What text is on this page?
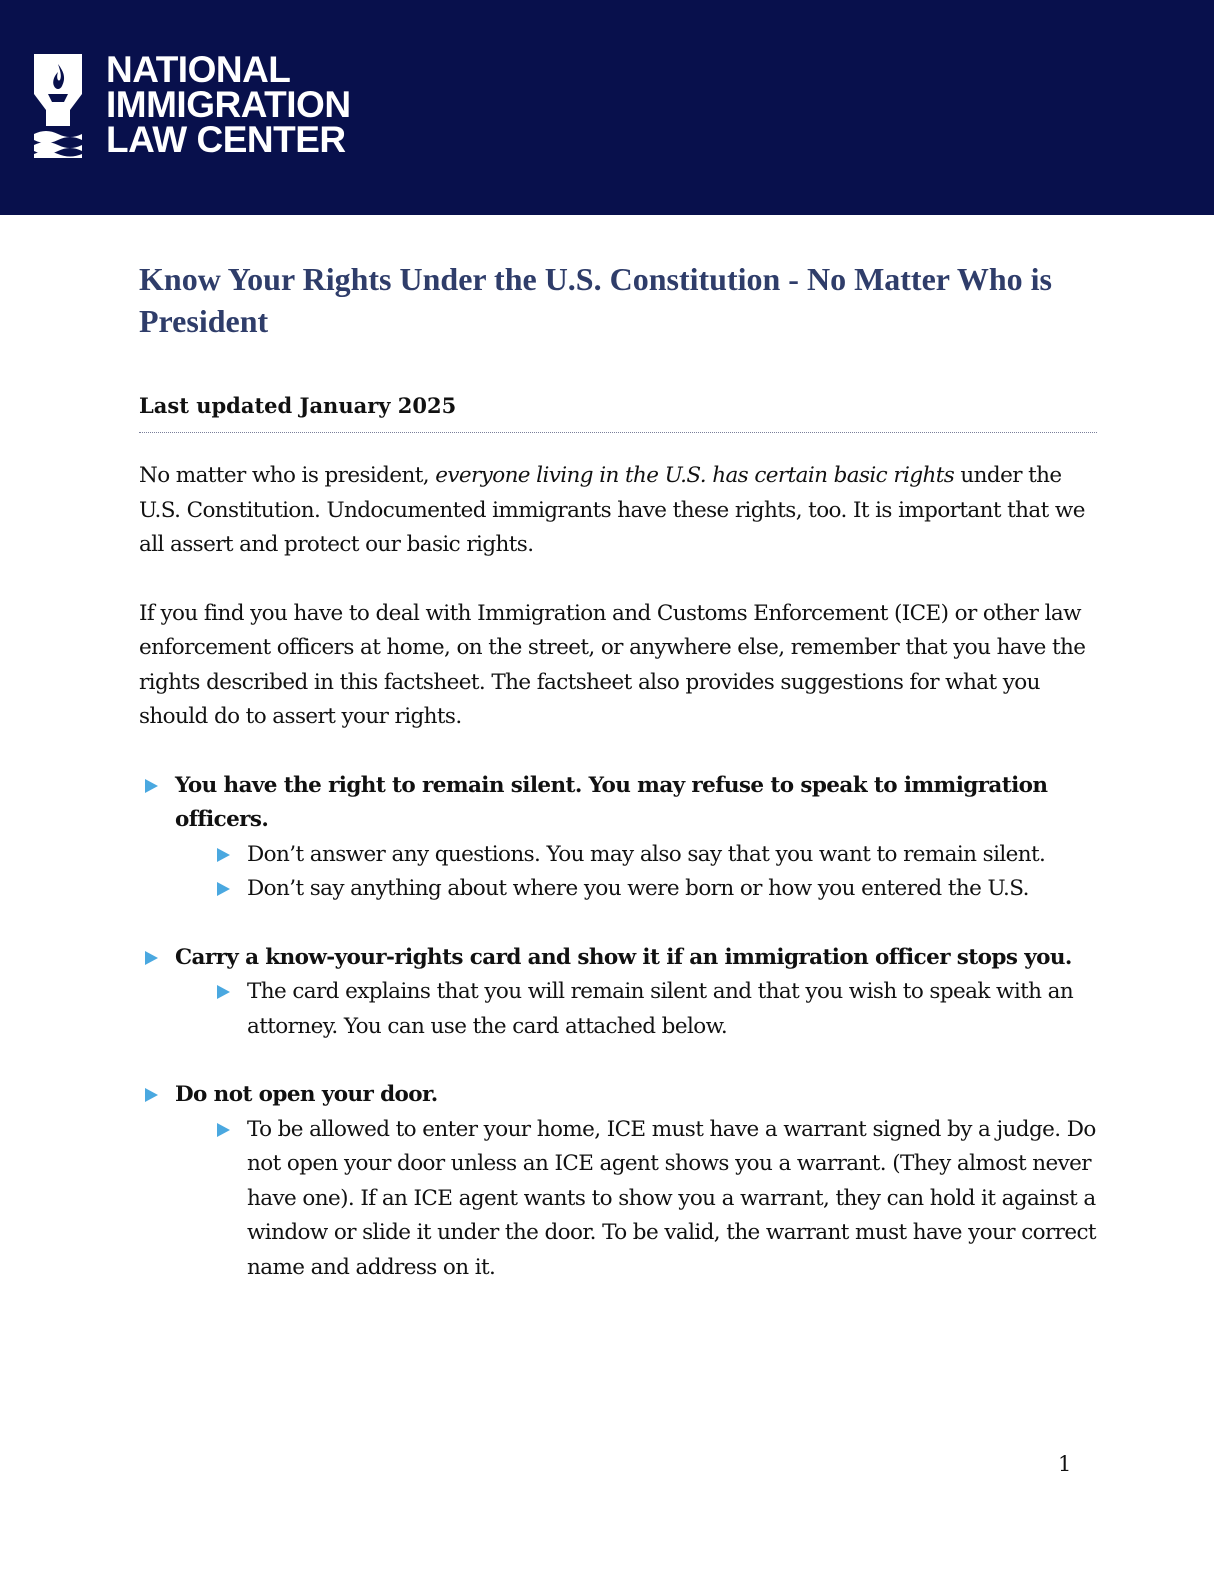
NATIONAL
IMMIGRATION
LAW CENTER
Know Your Rights Under the U.S. Constitution - No Matter Who is President
Last updated January 2025

No matter who is president, everyone living in the U.S. has certain basic rights under the U.S. Constitution. Undocumented immigrants have these rights, too. It is important that we all assert and protect our basic rights.

If you find you have to deal with Immigration and Customs Enforcement (ICE) or other law enforcement officers at home, on the street, or anywhere else, remember that you have the rights described in this factsheet. The factsheet also provides suggestions for what you should do to assert your rights.

You have the right to remain silent. You may refuse to speak to immigration officers.
Don’t answer any questions. You may also say that you want to remain silent.
Don’t say anything about where you were born or how you entered the U.S.
Carry a know-your-rights card and show it if an immigration officer stops you.
The card explains that you will remain silent and that you wish to speak with an attorney. You can use the card attached below.
Do not open your door.
To be allowed to enter your home, ICE must have a warrant signed by a judge. Do not open your door unless an ICE agent shows you a warrant. (They almost never have one). If an ICE agent wants to show you a warrant, they can hold it against a window or slide it under the door. To be valid, the warrant must have your correct name and address on it.
1
